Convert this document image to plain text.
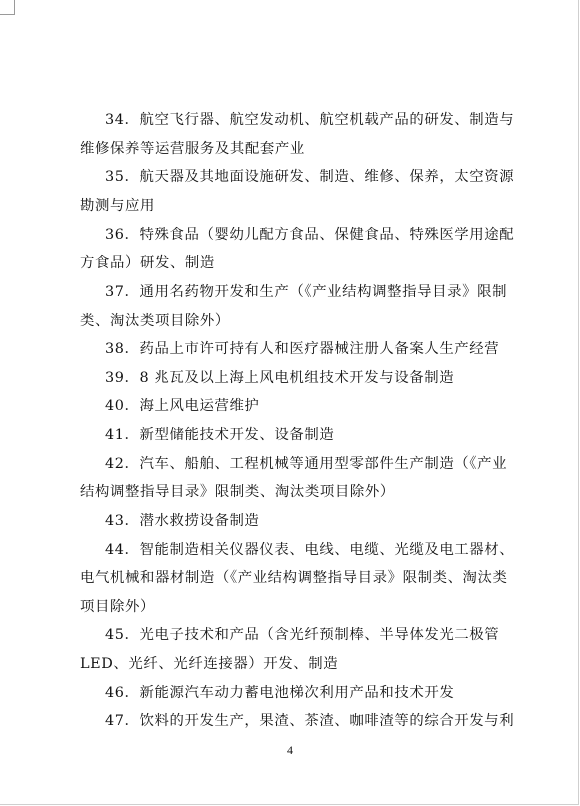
34．航空飞行器、航空发动机、航空机载产品的研发、制造与
维修保养等运营服务及其配套产业
35．航天器及其地面设施研发、制造、维修、保养，太空资源
勘测与应用
36．特殊食品（婴幼儿配方食品、保健食品、特殊医学用途配
方食品）研发、制造
37．通用名药物开发和生产（《产业结构调整指导目录》限制
类、淘汰类项目除外）
38．药品上市许可持有人和医疗器械注册人备案人生产经营
39．8 兆瓦及以上海上风电机组技术开发与设备制造
40．海上风电运营维护
41．新型储能技术开发、设备制造
42．汽车、船舶、工程机械等通用型零部件生产制造（《产业
结构调整指导目录》限制类、淘汰类项目除外）
43．潜水救捞设备制造
44．智能制造相关仪器仪表、电线、电缆、光缆及电工器材、
电气机械和器材制造（《产业结构调整指导目录》限制类、淘汰类
项目除外）
45．光电子技术和产品（含光纤预制棒、半导体发光二极管
LED、光纤、光纤连接器）开发、制造
46．新能源汽车动力蓄电池梯次利用产品和技术开发
47．饮料的开发生产，果渣、茶渣、咖啡渣等的综合开发与利
4
